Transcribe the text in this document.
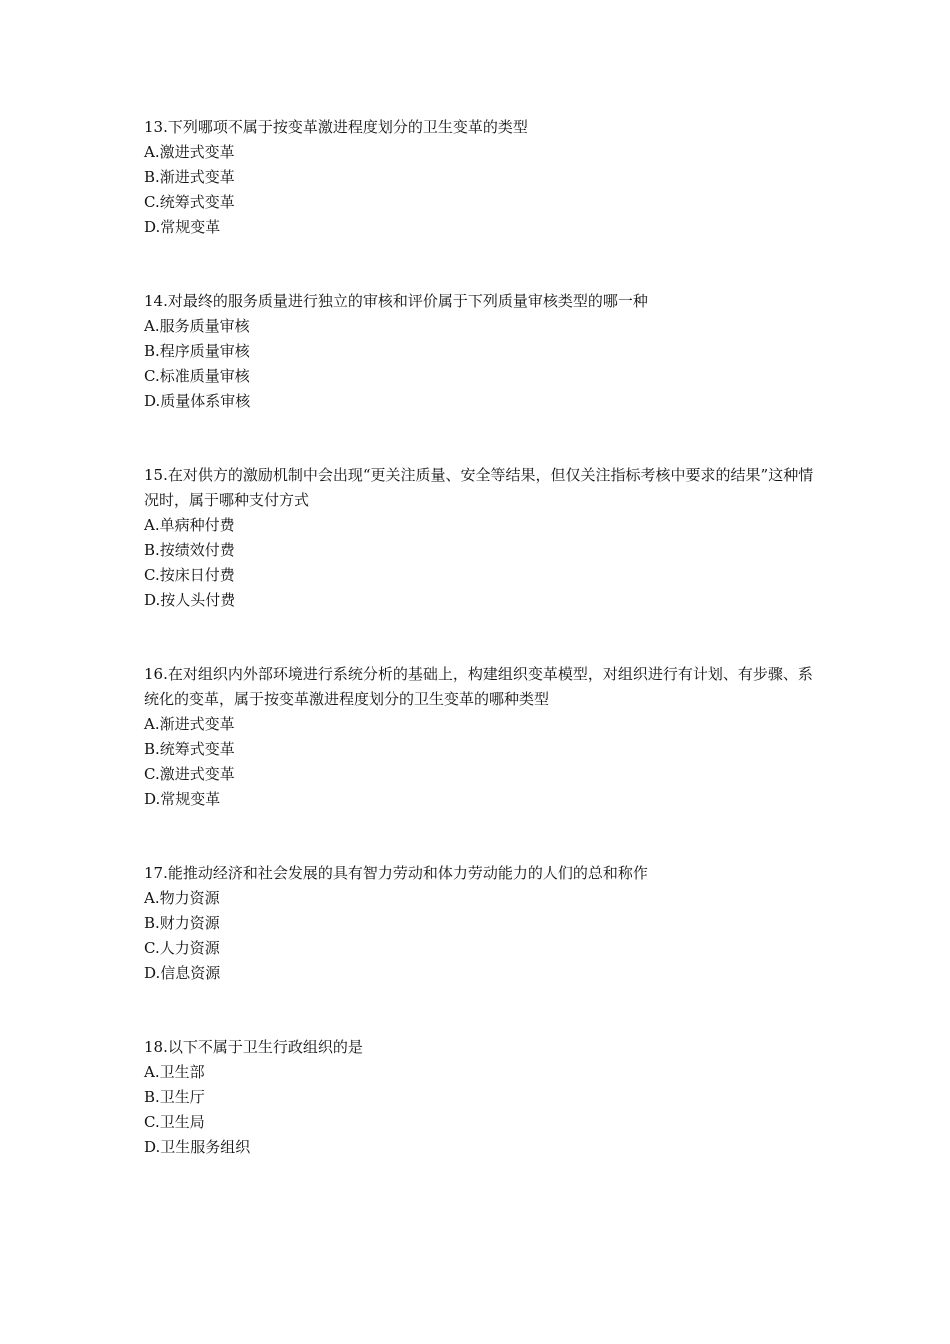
13.下列哪项不属于按变革激进程度划分的卫生变革的类型

A.激进式变革

B.渐进式变革

C.统筹式变革

D.常规变革

14.对最终的服务质量进行独立的审核和评价属于下列质量审核类型的哪一种

A.服务质量审核

B.程序质量审核

C.标准质量审核

D.质量体系审核

15.在对供方的激励机制中会出现“更关注质量、安全等结果，但仅关注指标考核中要求的结果”这种情况时，属于哪种支付方式

A.单病种付费

B.按绩效付费

C.按床日付费

D.按人头付费

16.在对组织内外部环境进行系统分析的基础上，构建组织变革模型，对组织进行有计划、有步骤、系统化的变革，属于按变革激进程度划分的卫生变革的哪种类型

A.渐进式变革

B.统筹式变革

C.激进式变革

D.常规变革

17.能推动经济和社会发展的具有智力劳动和体力劳动能力的人们的总和称作

A.物力资源

B.财力资源

C.人力资源

D.信息资源

18.以下不属于卫生行政组织的是

A.卫生部

B.卫生厅

C.卫生局

D.卫生服务组织
